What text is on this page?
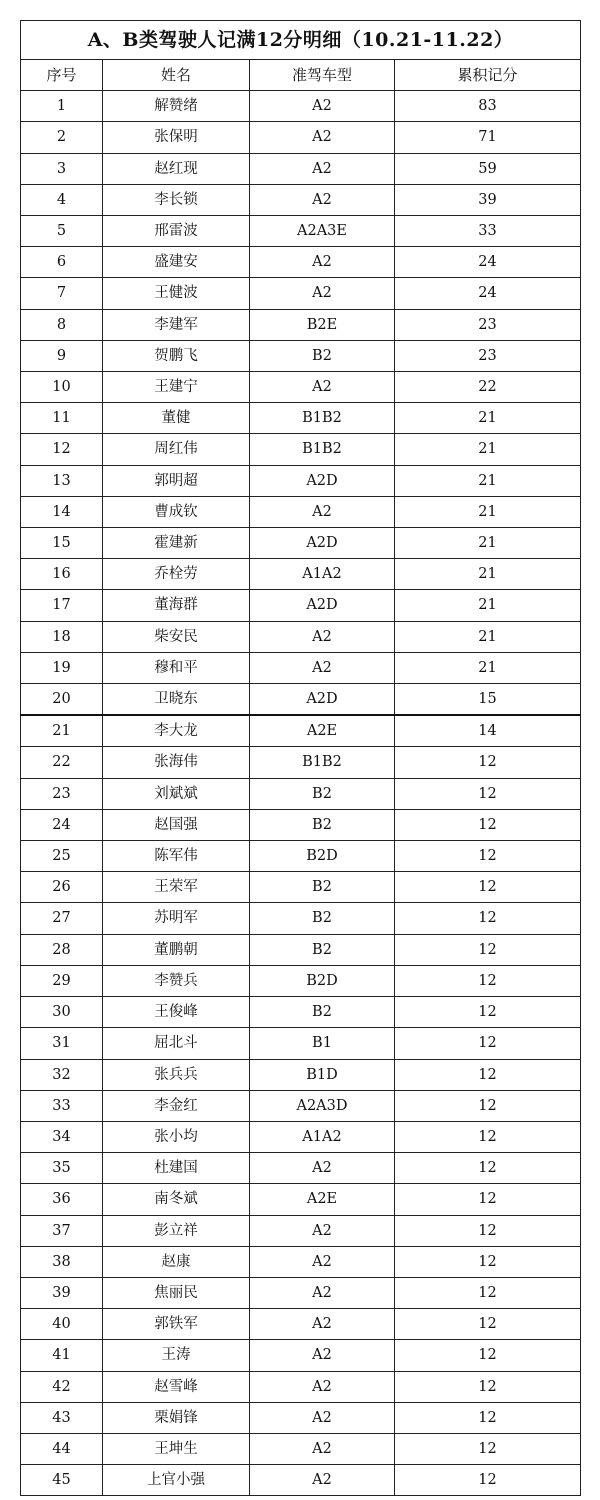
A、B类驾驶人记满12分明细（10.21-11.22）			
序号	姓名	准驾车型	累积记分
1	解赞绪	A2	83
2	张保明	A2	71
3	赵红现	A2	59
4	李长锁	A2	39
5	邢雷波	A2A3E	33
6	盛建安	A2	24
7	王健波	A2	24
8	李建军	B2E	23
9	贺鹏飞	B2	23
10	王建宁	A2	22
11	董健	B1B2	21
12	周红伟	B1B2	21
13	郭明超	A2D	21
14	曹成钦	A2	21
15	霍建新	A2D	21
16	乔栓劳	A1A2	21
17	董海群	A2D	21
18	柴安民	A2	21
19	穆和平	A2	21
20	卫晓东	A2D	15
21	李大龙	A2E	14
22	张海伟	B1B2	12
23	刘斌斌	B2	12
24	赵国强	B2	12
25	陈军伟	B2D	12
26	王荣军	B2	12
27	苏明军	B2	12
28	董鹏朝	B2	12
29	李赞兵	B2D	12
30	王俊峰	B2	12
31	屈北斗	B1	12
32	张兵兵	B1D	12
33	李金红	A2A3D	12
34	张小均	A1A2	12
35	杜建国	A2	12
36	南冬斌	A2E	12
37	彭立祥	A2	12
38	赵康	A2	12
39	焦丽民	A2	12
40	郭铁军	A2	12
41	王涛	A2	12
42	赵雪峰	A2	12
43	栗娟锋	A2	12
44	王坤生	A2	12
45	上官小强	A2	12
